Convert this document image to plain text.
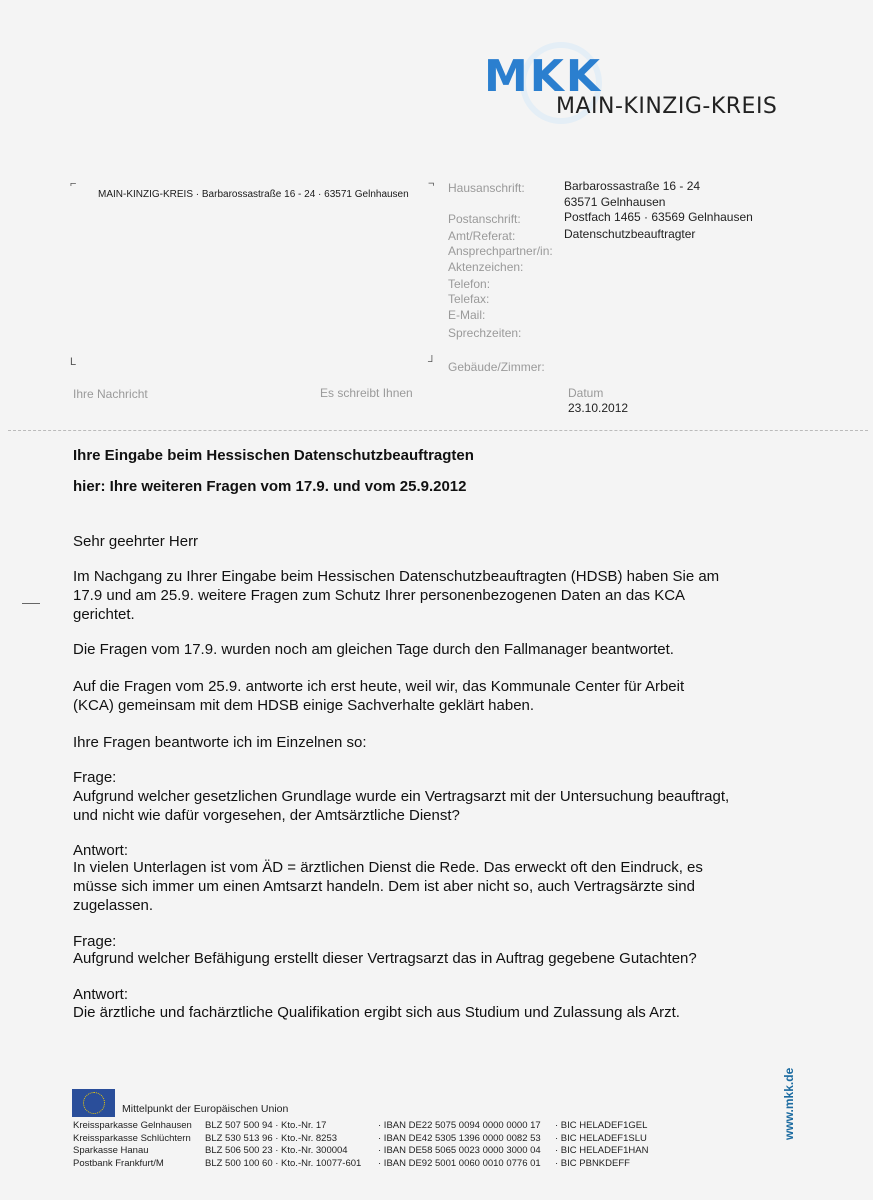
MKK
MAIN-KINZIG-KREIS
⌐	¬
L	┘
MAIN-KINZIG-KREIS · Barbarossastraße 16 - 24 · 63571 Gelnhausen	Hausanschrift:	Barbarossastraße 16 - 24
63571 Gelnhausen
Postanschrift:	Postfach 1465 · 63569 Gelnhausen
Amt/Referat:	Datenschutzbeauftragter
Ansprechpartner/in:
Aktenzeichen:
Telefon:
Telefax:
E-Mail:
Sprechzeiten:
Gebäude/Zimmer:
Ihre Nachricht	Es schreibt Ihnen	Datum
23.10.2012
Ihre Eingabe beim Hessischen Datenschutzbeauftragten
hier: Ihre weiteren Fragen vom 17.9. und vom 25.9.2012
Sehr geehrter Herr
Im Nachgang zu Ihrer Eingabe beim Hessischen Datenschutzbeauftragten (HDSB) haben Sie am
17.9 und am 25.9. weitere Fragen zum Schutz Ihrer personenbezogenen Daten an das KCA
gerichtet.
Die Fragen vom 17.9. wurden noch am gleichen Tage durch den Fallmanager beantwortet.
Auf die Fragen vom 25.9. antworte ich erst heute, weil wir, das Kommunale Center für Arbeit
(KCA) gemeinsam mit dem HDSB einige Sachverhalte geklärt haben.
Ihre Fragen beantworte ich im Einzelnen so:
Frage:
Aufgrund welcher gesetzlichen Grundlage wurde ein Vertragsarzt mit der Untersuchung beauftragt,
und nicht wie dafür vorgesehen, der Amtsärztliche Dienst?
Antwort:
In vielen Unterlagen ist vom ÄD = ärztlichen Dienst die Rede. Das erweckt oft den Eindruck, es
müsse sich immer um einen Amtsarzt handeln. Dem ist aber nicht so, auch Vertragsärzte sind
zugelassen.
Frage:
Aufgrund welcher Befähigung erstellt dieser Vertragsarzt das in Auftrag gegebene Gutachten?
Antwort:
Die ärztliche und fachärztliche Qualifikation ergibt sich aus Studium und Zulassung als Arzt.
Mittelpunkt der Europäischen Union
Kreissparkasse Gelnhausen BLZ 507 500 94 · Kto.-Nr. 17	· IBAN DE22 5075 0094 0000 0000 17 · BIC HELADEF1GEL
Kreissparkasse Schlüchtern BLZ 530 513 96 · Kto.-Nr. 8253	· IBAN DE42 5305 1396 0000 0082 53 · BIC HELADEF1SLU
Sparkasse Hanau	BLZ 506 500 23 · Kto.-Nr. 300004	· IBAN DE58 5065 0023 0000 3000 04 · BIC HELADEF1HAN
Postbank Frankfurt/M	BLZ 500 100 60 · Kto.-Nr. 10077-601 · IBAN DE92 5001 0060 0010 0776 01 · BIC PBNKDEFF
www.mkk.de
